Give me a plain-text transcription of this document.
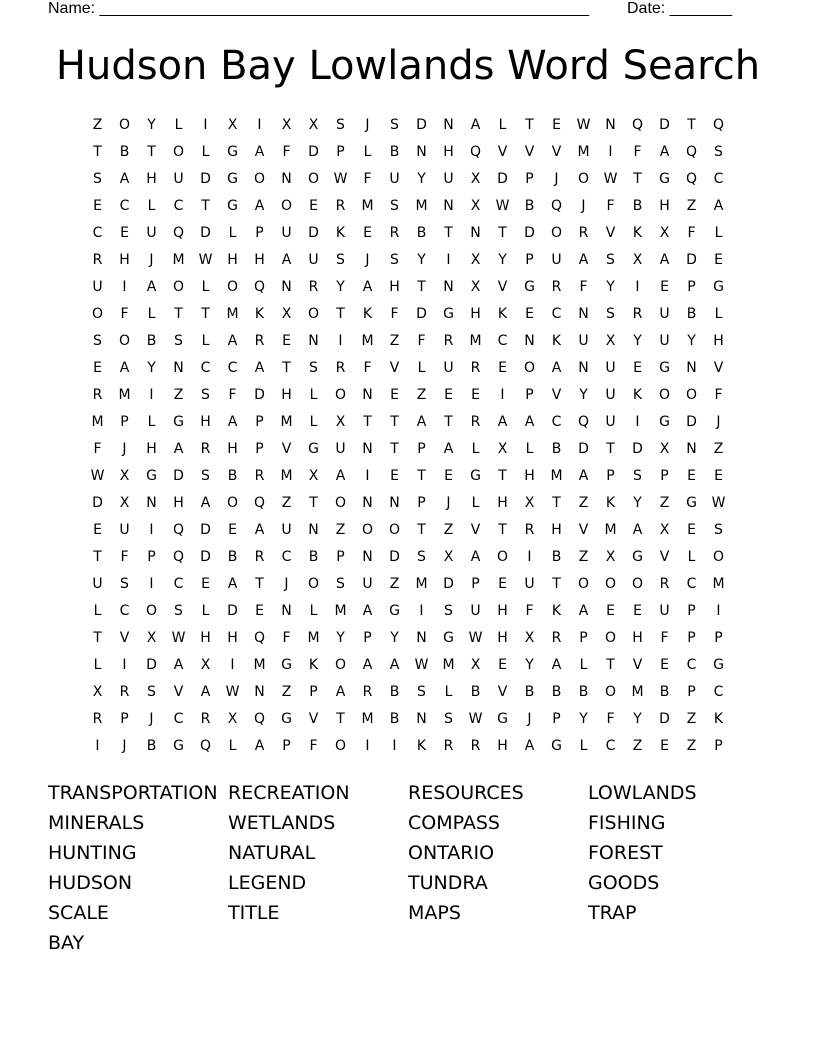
Name: _______________________________________________________ Date: _______
Hudson Bay Lowlands Word Search
Z	O	Y	L	I	X	I	X	X	S	J	S	D	N	A	L	T	E	W	N	Q	D	T	Q
T	B	T	O	L	G	A	F	D	P	L	B	N	H	Q	V	V	V	M	I	F	A	Q	S
S	A	H	U	D	G	O	N	O	W	F	U	Y	U	X	D	P	J	O	W	T	G	Q	C
E	C	L	C	T	G	A	O	E	R	M	S	M	N	X	W	B	Q	J	F	B	H	Z	A
C	E	U	Q	D	L	P	U	D	K	E	R	B	T	N	T	D	O	R	V	K	X	F	L
R	H	J	M	W	H	H	A	U	S	J	S	Y	I	X	Y	P	U	A	S	X	A	D	E
U	I	A	O	L	O	Q	N	R	Y	A	H	T	N	X	V	G	R	F	Y	I	E	P	G
O	F	L	T	T	M	K	X	O	T	K	F	D	G	H	K	E	C	N	S	R	U	B	L
S	O	B	S	L	A	R	E	N	I	M	Z	F	R	M	C	N	K	U	X	Y	U	Y	H
E	A	Y	N	C	C	A	T	S	R	F	V	L	U	R	E	O	A	N	U	E	G	N	V
R	M	I	Z	S	F	D	H	L	O	N	E	Z	E	E	I	P	V	Y	U	K	O	O	F
M	P	L	G	H	A	P	M	L	X	T	T	A	T	R	A	A	C	Q	U	I	G	D	J
F	J	H	A	R	H	P	V	G	U	N	T	P	A	L	X	L	B	D	T	D	X	N	Z
W	X	G	D	S	B	R	M	X	A	I	E	T	E	G	T	H	M	A	P	S	P	E	E
D	X	N	H	A	O	Q	Z	T	O	N	N	P	J	L	H	X	T	Z	K	Y	Z	G	W
E	U	I	Q	D	E	A	U	N	Z	O	O	T	Z	V	T	R	H	V	M	A	X	E	S
T	F	P	Q	D	B	R	C	B	P	N	D	S	X	A	O	I	B	Z	X	G	V	L	O
U	S	I	C	E	A	T	J	O	S	U	Z	M	D	P	E	U	T	O	O	O	R	C	M
L	C	O	S	L	D	E	N	L	M	A	G	I	S	U	H	F	K	A	E	E	U	P	I
T	V	X	W	H	H	Q	F	M	Y	P	Y	N	G	W	H	X	R	P	O	H	F	P	P
L	I	D	A	X	I	M	G	K	O	A	A	W	M	X	E	Y	A	L	T	V	E	C	G
X	R	S	V	A	W	N	Z	P	A	R	B	S	L	B	V	B	B	B	O	M	B	P	C
R	P	J	C	R	X	Q	G	V	T	M	B	N	S	W	G	J	P	Y	F	Y	D	Z	K
I	J	B	G	Q	L	A	P	F	O	I	I	K	R	R	H	A	G	L	C	Z	E	Z	P
TRANSPORTATION RECREATION	RESOURCES	LOWLANDS
MINERALS	WETLANDS	COMPASS	FISHING
HUNTING	NATURAL	ONTARIO	FOREST
HUDSON	LEGEND	TUNDRA	GOODS
SCALE	TITLE	MAPS	TRAP
BAY
